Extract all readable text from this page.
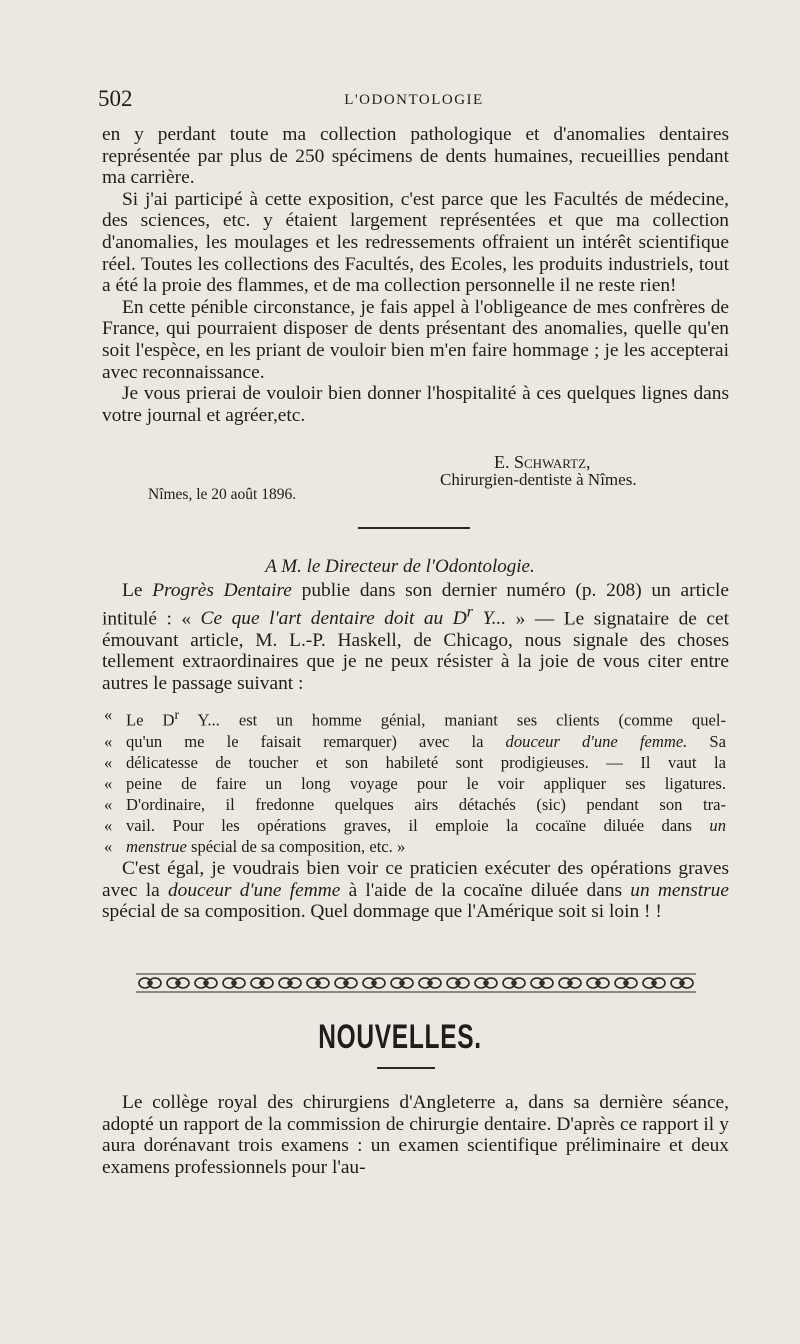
502	L'ODONTOLOGIE

en y perdant toute ma collection pathologique et d'anomalies dentaires représentée par plus de 250 spécimens de dents humaines, recueillies pendant ma carrière.

Si j'ai participé à cette exposition, c'est parce que les Facultés de médecine, des sciences, etc. y étaient largement représentées et que ma collection d'anomalies, les moulages et les redressements offraient un intérêt scientifique réel. Toutes les collections des Facultés, des Ecoles, les produits industriels, tout a été la proie des flammes, et de ma collection personnelle il ne reste rien!

En cette pénible circonstance, je fais appel à l'obligeance de mes confrères de France, qui pourraient disposer de dents présentant des anomalies, quelle qu'en soit l'espèce, en les priant de vouloir bien m'en faire hommage ; je les accepterai avec reconnaissance.

Je vous prierai de vouloir bien donner l'hospitalité à ces quelques lignes dans votre journal et agréer,etc.

E. Schwartz,
Chirurgien-dentiste à Nîmes.
Nîmes, le 20 août 1896.
A M. le Directeur de l'Odontologie.

Le Progrès Dentaire publie dans son dernier numéro (p. 208) un article intitulé : « Ce que l'art dentaire doit au $D^r$ Y... » — Le signataire de cet émouvant article, M. L.-P. Haskell, de Chicago, nous signale des choses tellement extraordinaires que je ne peux résister à la joie de vous citer entre autres le passage suivant :

« Le $D^r$ Y... est un homme génial, maniant ses clients (comme quel-
« qu'un me le faisait remarquer) avec la douceur d'une femme. Sa
« délicatesse de toucher et son habileté sont prodigieuses. — Il vaut la
« peine de faire un long voyage pour le voir appliquer ses ligatures.
« D'ordinaire, il fredonne quelques airs détachés (sic) pendant son tra-
« vail. Pour les opérations graves, il emploie la cocaïne diluée dans un
« menstrue spécial de sa composition, etc. »

C'est égal, je voudrais bien voir ce praticien exécuter des opérations graves avec la douceur d'une femme à l'aide de la cocaïne diluée dans un menstrue spécial de sa composition. Quel dommage que l'Amérique soit si loin ! !

NOUVELLES.

Le collège royal des chirurgiens d'Angleterre a, dans sa dernière séance, adopté un rapport de la commission de chirurgie dentaire. D'après ce rapport il y aura dorénavant trois examens : un examen scientifique préliminaire et deux examens professionnels pour l'au-
